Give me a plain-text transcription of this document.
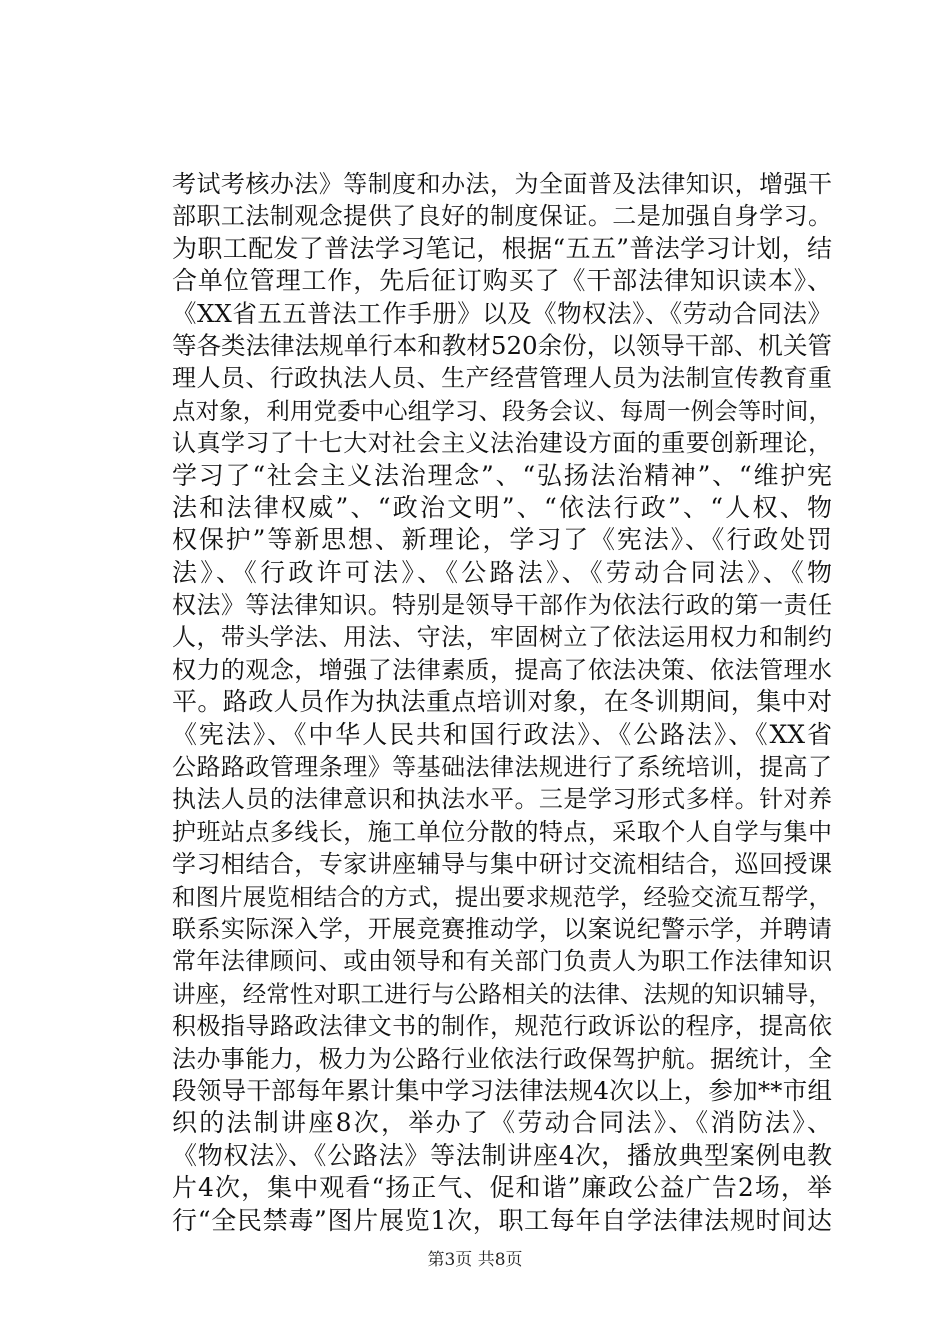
考试考核办法》等制度和办法，为全面普及法律知识，增强干
部职工法制观念提供了良好的制度保证。二是加强自身学习。
为职工配发了普法学习笔记，根据“五五”普法学习计划，结
合单位管理工作，先后征订购买了《干部法律知识读本》、
《XX省五五普法工作手册》以及《物权法》、《劳动合同法》
等各类法律法规单行本和教材520余份，以领导干部、机关管
理人员、行政执法人员、生产经营管理人员为法制宣传教育重
点对象，利用党委中心组学习、段务会议、每周一例会等时间，
认真学习了十七大对社会主义法治建设方面的重要创新理论，
学习了“社会主义法治理念”、“弘扬法治精神”、“维护宪
法和法律权威”、“政治文明”、“依法行政”、“人权、物
权保护”等新思想、新理论，学习了《宪法》、《行政处罚
法》、《行政许可法》、《公路法》、《劳动合同法》、《物
权法》等法律知识。特别是领导干部作为依法行政的第一责任
人，带头学法、用法、守法，牢固树立了依法运用权力和制约
权力的观念，增强了法律素质，提高了依法决策、依法管理水
平。路政人员作为执法重点培训对象，在冬训期间，集中对
《宪法》、《中华人民共和国行政法》、《公路法》、《XX省
公路路政管理条理》等基础法律法规进行了系统培训，提高了
执法人员的法律意识和执法水平。三是学习形式多样。针对养
护班站点多线长，施工单位分散的特点，采取个人自学与集中
学习相结合，专家讲座辅导与集中研讨交流相结合，巡回授课
和图片展览相结合的方式，提出要求规范学，经验交流互帮学，
联系实际深入学，开展竞赛推动学，以案说纪警示学，并聘请
常年法律顾问、或由领导和有关部门负责人为职工作法律知识
讲座，经常性对职工进行与公路相关的法律、法规的知识辅导，
积极指导路政法律文书的制作，规范行政诉讼的程序，提高依
法办事能力，极力为公路行业依法行政保驾护航。据统计，全
段领导干部每年累计集中学习法律法规4次以上，参加**市组
织的法制讲座8次，举办了《劳动合同法》、《消防法》、
《物权法》、《公路法》等法制讲座4次，播放典型案例电教
片4次，集中观看“扬正气、促和谐”廉政公益广告2场，举
行“全民禁毒”图片展览1次，职工每年自学法律法规时间达
第3页 共8页
